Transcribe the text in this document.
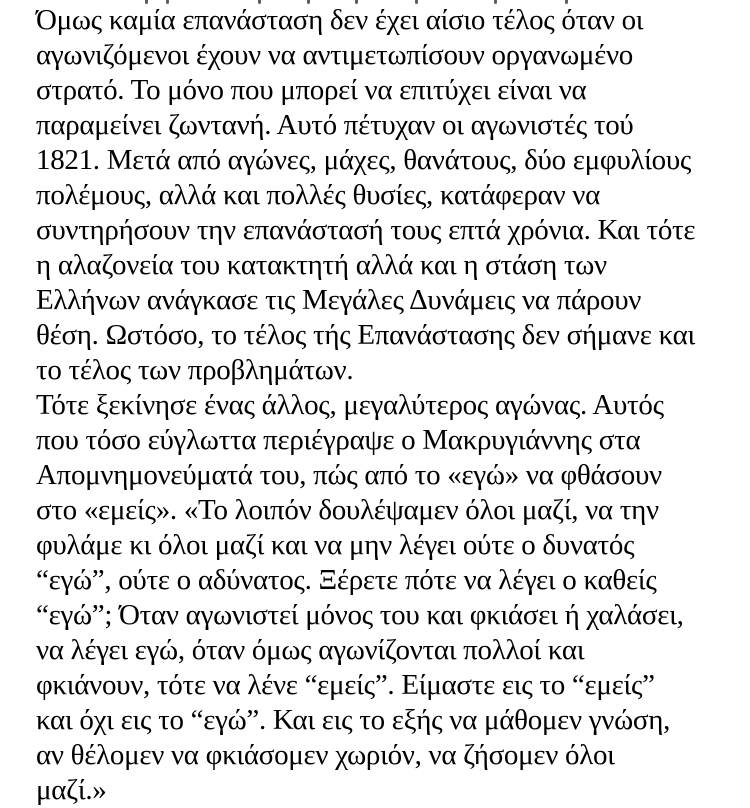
Όμως καμία επανάσταση δεν έχει αίσιο τέλος όταν οι
αγωνιζόμενοι έχουν να αντιμετωπίσουν οργανωμένο
στρατό. Το μόνο που μπορεί να επιτύχει είναι να
παραμείνει ζωντανή. Αυτό πέτυχαν οι αγωνιστές τού
1821. Μετά από αγώνες, μάχες, θανάτους, δύο εμφυλίους
πολέμους, αλλά και πολλές θυσίες, κατάφεραν να
συντηρήσουν την επανάστασή τους επτά χρόνια. Και τότε
η αλαζονεία του κατακτητή αλλά και η στάση των
Ελλήνων ανάγκασε τις Μεγάλες Δυνάμεις να πάρουν
θέση. Ωστόσο, το τέλος τής Επανάστασης δεν σήμανε και
το τέλος των προβλημάτων.
Τότε ξεκίνησε ένας άλλος, μεγαλύτερος αγώνας. Αυτός
που τόσο εύγλωττα περιέγραψε ο Μακρυγιάννης στα
Απομνημονεύματά του, πώς από το «εγώ» να φθάσουν
στο «εμείς». «Το λοιπόν δουλέψαμεν όλοι μαζί, να την
φυλάμε κι όλοι μαζί και να μην λέγει ούτε ο δυνατός
“εγώ”, ούτε ο αδύνατος. Ξέρετε πότε να λέγει ο καθείς
“εγώ”; Όταν αγωνιστεί μόνος του και φκιάσει ή χαλάσει,
να λέγει εγώ, όταν όμως αγωνίζονται πολλοί και
φκιάνουν, τότε να λένε “εμείς”. Είμαστε εις το “εμείς”
και όχι εις το “εγώ”. Και εις το εξής να μάθομεν γνώση,
αν θέλομεν να φκιάσομεν χωριόν, να ζήσομεν όλοι
μαζί.»
